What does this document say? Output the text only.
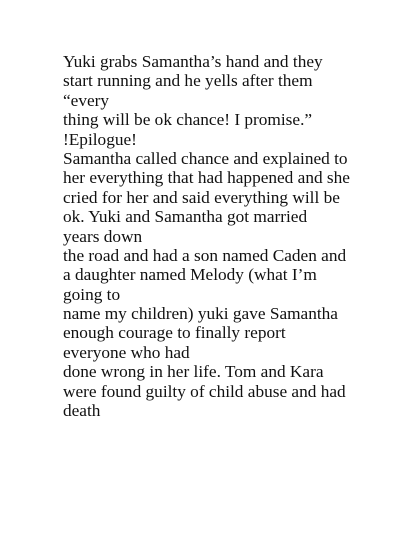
Yuki grabs Samantha’s hand and they
start running and he yells after them
“every
thing will be ok chance! I promise.”
!Epilogue!
Samantha called chance and explained to
her everything that had happened and she
cried for her and said everything will be
ok. Yuki and Samantha got married
years down
the road and had a son named Caden and
a daughter named Melody (what I’m
going to
name my children) yuki gave Samantha
enough courage to finally report
everyone who had
done wrong in her life. Tom and Kara
were found guilty of child abuse and had
death
